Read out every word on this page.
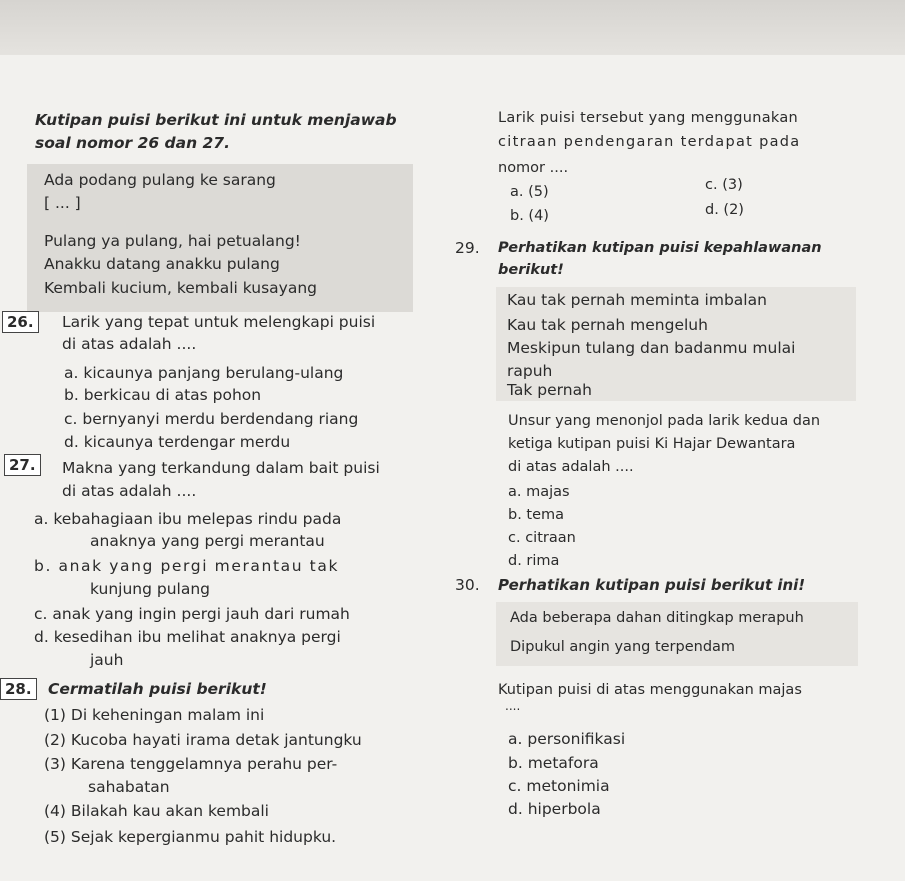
Kutipan puisi berikut ini untuk menjawab
soal nomor 26 dan 27.
Ada podang pulang ke sarang
[ ... ]
Pulang ya pulang, hai petualang!
Anakku datang anakku pulang
Kembali kucium, kembali kusayang
26.	Larik yang tepat untuk melengkapi puisi
di atas adalah ....
a. kicaunya panjang berulang-ulang
b. berkicau di atas pohon
c. bernyanyi merdu berdendang riang
d. kicaunya terdengar merdu
27.	Makna yang terkandung dalam bait puisi
di atas adalah ....
a. kebahagiaan ibu melepas rindu pada
anaknya yang pergi merantau
b. anak yang pergi merantau tak
kunjung pulang
c. anak yang ingin pergi jauh dari rumah
d. kesedihan ibu melihat anaknya pergi
jauh
28.	Cermatilah puisi berikut!
(1) Di keheningan malam ini
(2) Kucoba hayati irama detak jantungku
(3) Karena tenggelamnya perahu per-
sahabatan
(4) Bilakah kau akan kembali
(5) Sejak kepergianmu pahit hidupku.
Larik puisi tersebut yang menggunakan
citraan pendengaran terdapat pada
nomor ....
a. (5)	c. (3)
b. (4)	d. (2)
29. Perhatikan kutipan puisi kepahlawanan
berikut!
Kau tak pernah meminta imbalan
Kau tak pernah mengeluh
Meskipun tulang dan badanmu mulai
rapuh
Tak pernah
Unsur yang menonjol pada larik kedua dan
ketiga kutipan puisi Ki Hajar Dewantara
di atas adalah ....
a. majas
b. tema
c. citraan
d. rima
30. Perhatikan kutipan puisi berikut ini!
Ada beberapa dahan ditingkap merapuh
Dipukul angin yang terpendam
Kutipan puisi di atas menggunakan majas
....
a. personifikasi
b. metafora
c. metonimia
d. hiperbola
